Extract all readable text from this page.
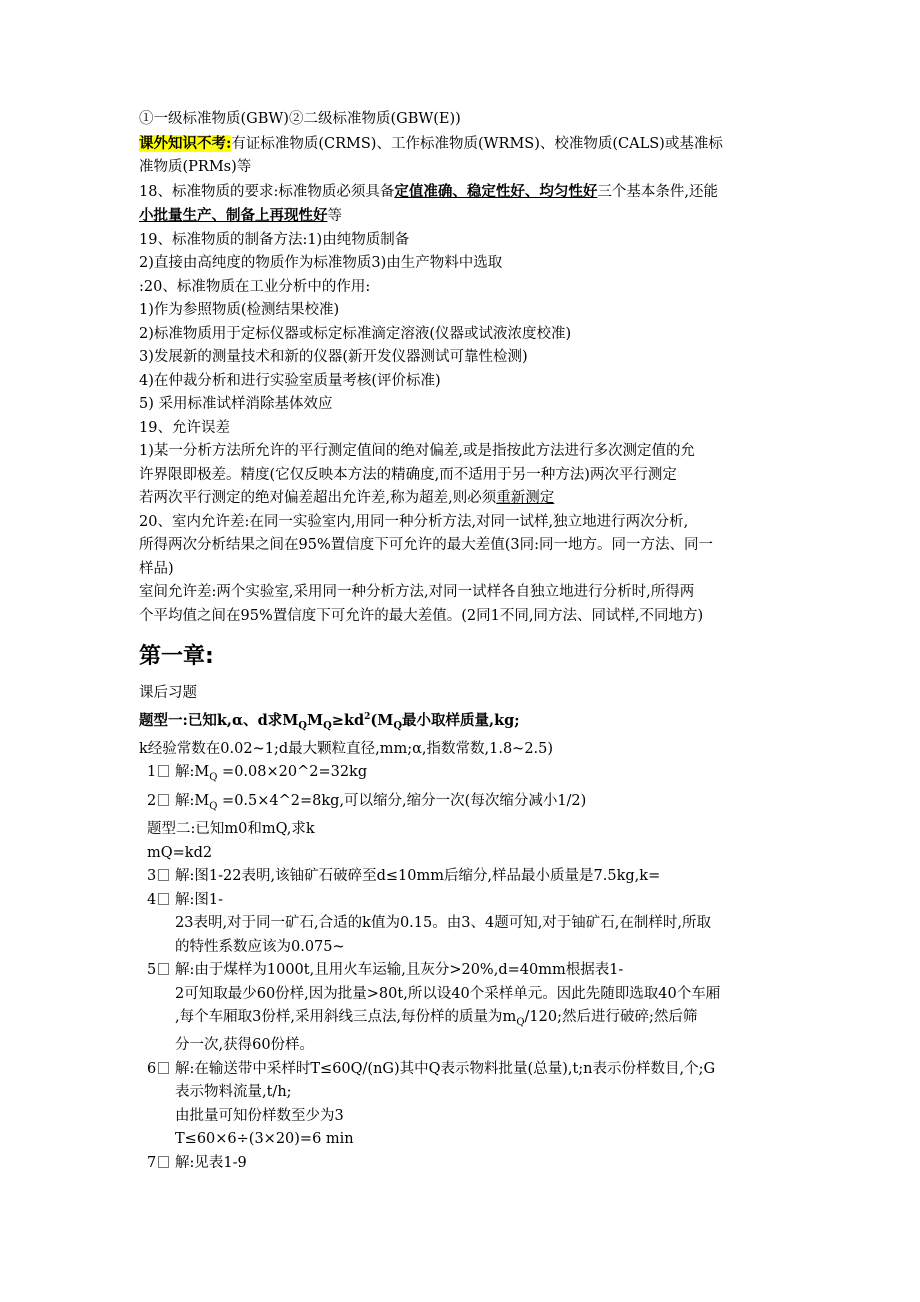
①一级标准物质(GBW)②二级标准物质(GBW(E))
课外知识不考:有证标准物质(CRMS)、工作标准物质(WRMS)、校准物质(CALS)或基准标
准物质(PRMs)等
18、标准物质的要求:标准物质必须具备定值准确、稳定性好、均匀性好三个基本条件,还能
小批量生产、制备上再现性好等
19、标准物质的制备方法:1)由纯物质制备
2)直接由高纯度的物质作为标准物质3)由生产物料中选取
:20、标准物质在工业分析中的作用:
1)作为参照物质(检测结果校准)
2)标准物质用于定标仪器或标定标准滴定溶液(仪器或试液浓度校准)
3)发展新的测量技术和新的仪器(新开发仪器测试可靠性检测)
4)在仲裁分析和进行实验室质量考核(评价标准)
5) 采用标准试样消除基体效应
19、允许误差
1)某一分析方法所允许的平行测定值间的绝对偏差,或是指按此方法进行多次测定值的允
许界限即极差。精度(它仅反映本方法的精确度,而不适用于另一种方法)两次平行测定
若两次平行测定的绝对偏差超出允许差,称为超差,则必须重新测定
20、室内允许差:在同一实验室内,用同一种分析方法,对同一试样,独立地进行两次分析,
所得两次分析结果之间在95%置信度下可允许的最大差值(3同:同一地方。同一方法、同一
样品)
室间允许差:两个实验室,采用同一种分析方法,对同一试样各自独立地进行分析时,所得两
个平均值之间在95%置信度下可允许的最大差值。(2同1不同,同方法、同试样,不同地方)
第一章:
课后习题
题型一:已知k,α、d求$M_QM_Q\ge kd^2(M_Q$最小取样质量,kg;
k经验常数在0.02~1;d最大颗粒直径,mm;α,指数常数,1.8~2.5)
1	解$:M_Q$ =0.08×20^2=32kg
2	解$:M_Q$ =0.5×4^2=8kg,可以缩分,缩分一次(每次缩分减小1/2)
题型二:已知m0和mQ,求k
mQ=kd2
3	解:图1-22表明,该铀矿石破碎至d≤10mm后缩分,样品最小质量是7.5kg,k=
4	解:图1-
23表明,对于同一矿石,合适的k值为0.15。由3、4题可知,对于铀矿石,在制样时,所取
的特性系数应该为0.075~
5	解:由于煤样为1000t,且用火车运输,且灰分>20%,d=40mm根据表1-
2可知取最少60份样,因为批量>80t,所以设40个采样单元。因此先随即选取40个车厢
,每个车厢取3份样,采用斜线三点法,每份样的质量为$m_Q/120$;然后进行破碎;然后筛
分一次,获得60份样。
6	解:在输送带中采样时T≤60Q/(nG)其中Q表示物料批量(总量),t;n表示份样数目,个;G
表示物料流量,t/h;
由批量可知份样数至少为3
T≤60×6÷(3×20)=6 min
7	解:见表1-9
